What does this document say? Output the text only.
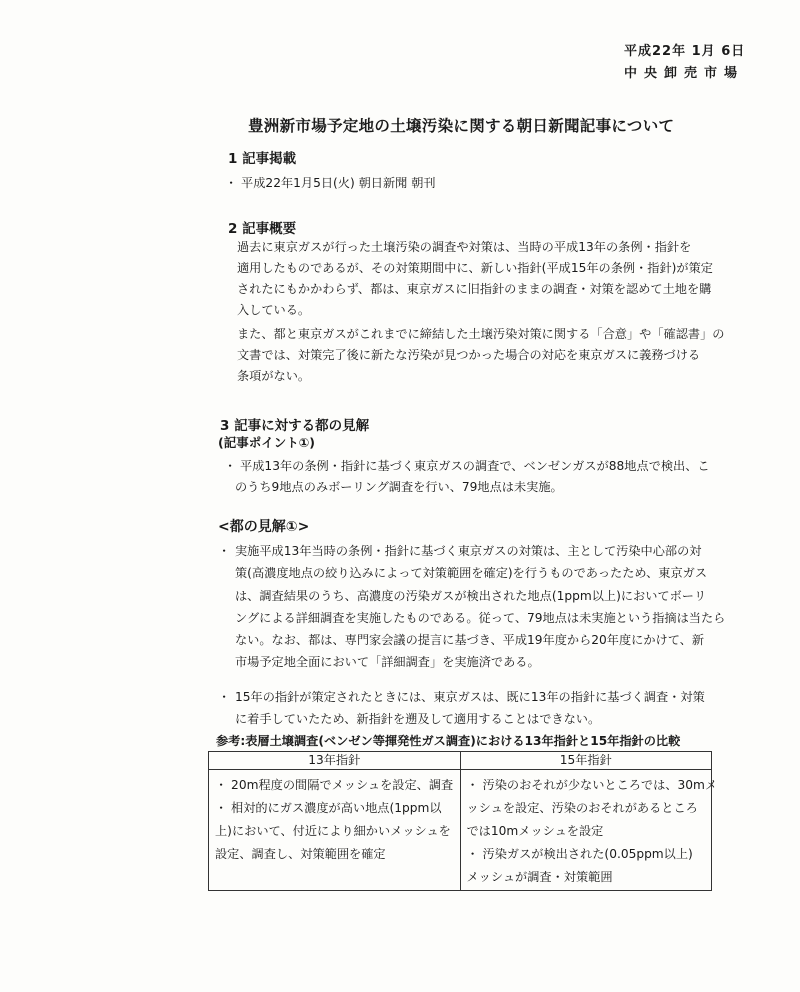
平成22年 1月 6日
中央卸売市場
豊洲新市場予定地の土壌汚染に関する朝日新聞記事について
1 記事掲載
・ 平成22年1月5日(火) 朝日新聞 朝刊
2 記事概要
過去に東京ガスが行った土壌汚染の調査や対策は、当時の平成13年の条例・指針を
適用したものであるが、その対策期間中に、新しい指針(平成15年の条例・指針)が策定
されたにもかかわらず、都は、東京ガスに旧指針のままの調査・対策を認めて土地を購
入している。
また、都と東京ガスがこれまでに締結した土壌汚染対策に関する「合意」や「確認書」の
文書では、対策完了後に新たな汚染が見つかった場合の対応を東京ガスに義務づける
条項がない。
3 記事に対する都の見解
(記事ポイント①)
・ 平成13年の条例・指針に基づく東京ガスの調査で、ベンゼンガスが88地点で検出、こ
のうち9地点のみボーリング調査を行い、79地点は未実施。
<都の見解①>
・ 実施平成13年当時の条例・指針に基づく東京ガスの対策は、主として汚染中心部の対
策(高濃度地点の絞り込みによって対策範囲を確定)を行うものであったため、東京ガス
は、調査結果のうち、高濃度の汚染ガスが検出された地点(1ppm以上)においてボーリ
ングによる詳細調査を実施したものである。従って、79地点は未実施という指摘は当たら
ない。なお、都は、専門家会議の提言に基づき、平成19年度から20年度にかけて、新
市場予定地全面において「詳細調査」を実施済である。
・ 15年の指針が策定されたときには、東京ガスは、既に13年の指針に基づく調査・対策
に着手していたため、新指針を遡及して適用することはできない。
参考:表層土壌調査(ベンゼン等揮発性ガス調査)における13年指針と15年指針の比較
13年指針	15年指針

・ 20m程度の間隔でメッシュを設定、調査
・ 相対的にガス濃度が高い地点(1ppm以
上)において、付近により細かいメッシュを
設定、調査し、対策範囲を確定	・ 汚染のおそれが少ないところでは、30mメ
ッシュを設定、汚染のおそれがあるところ
では10mメッシュを設定
・ 汚染ガスが検出された(0.05ppm以上)
メッシュが調査・対策範囲
